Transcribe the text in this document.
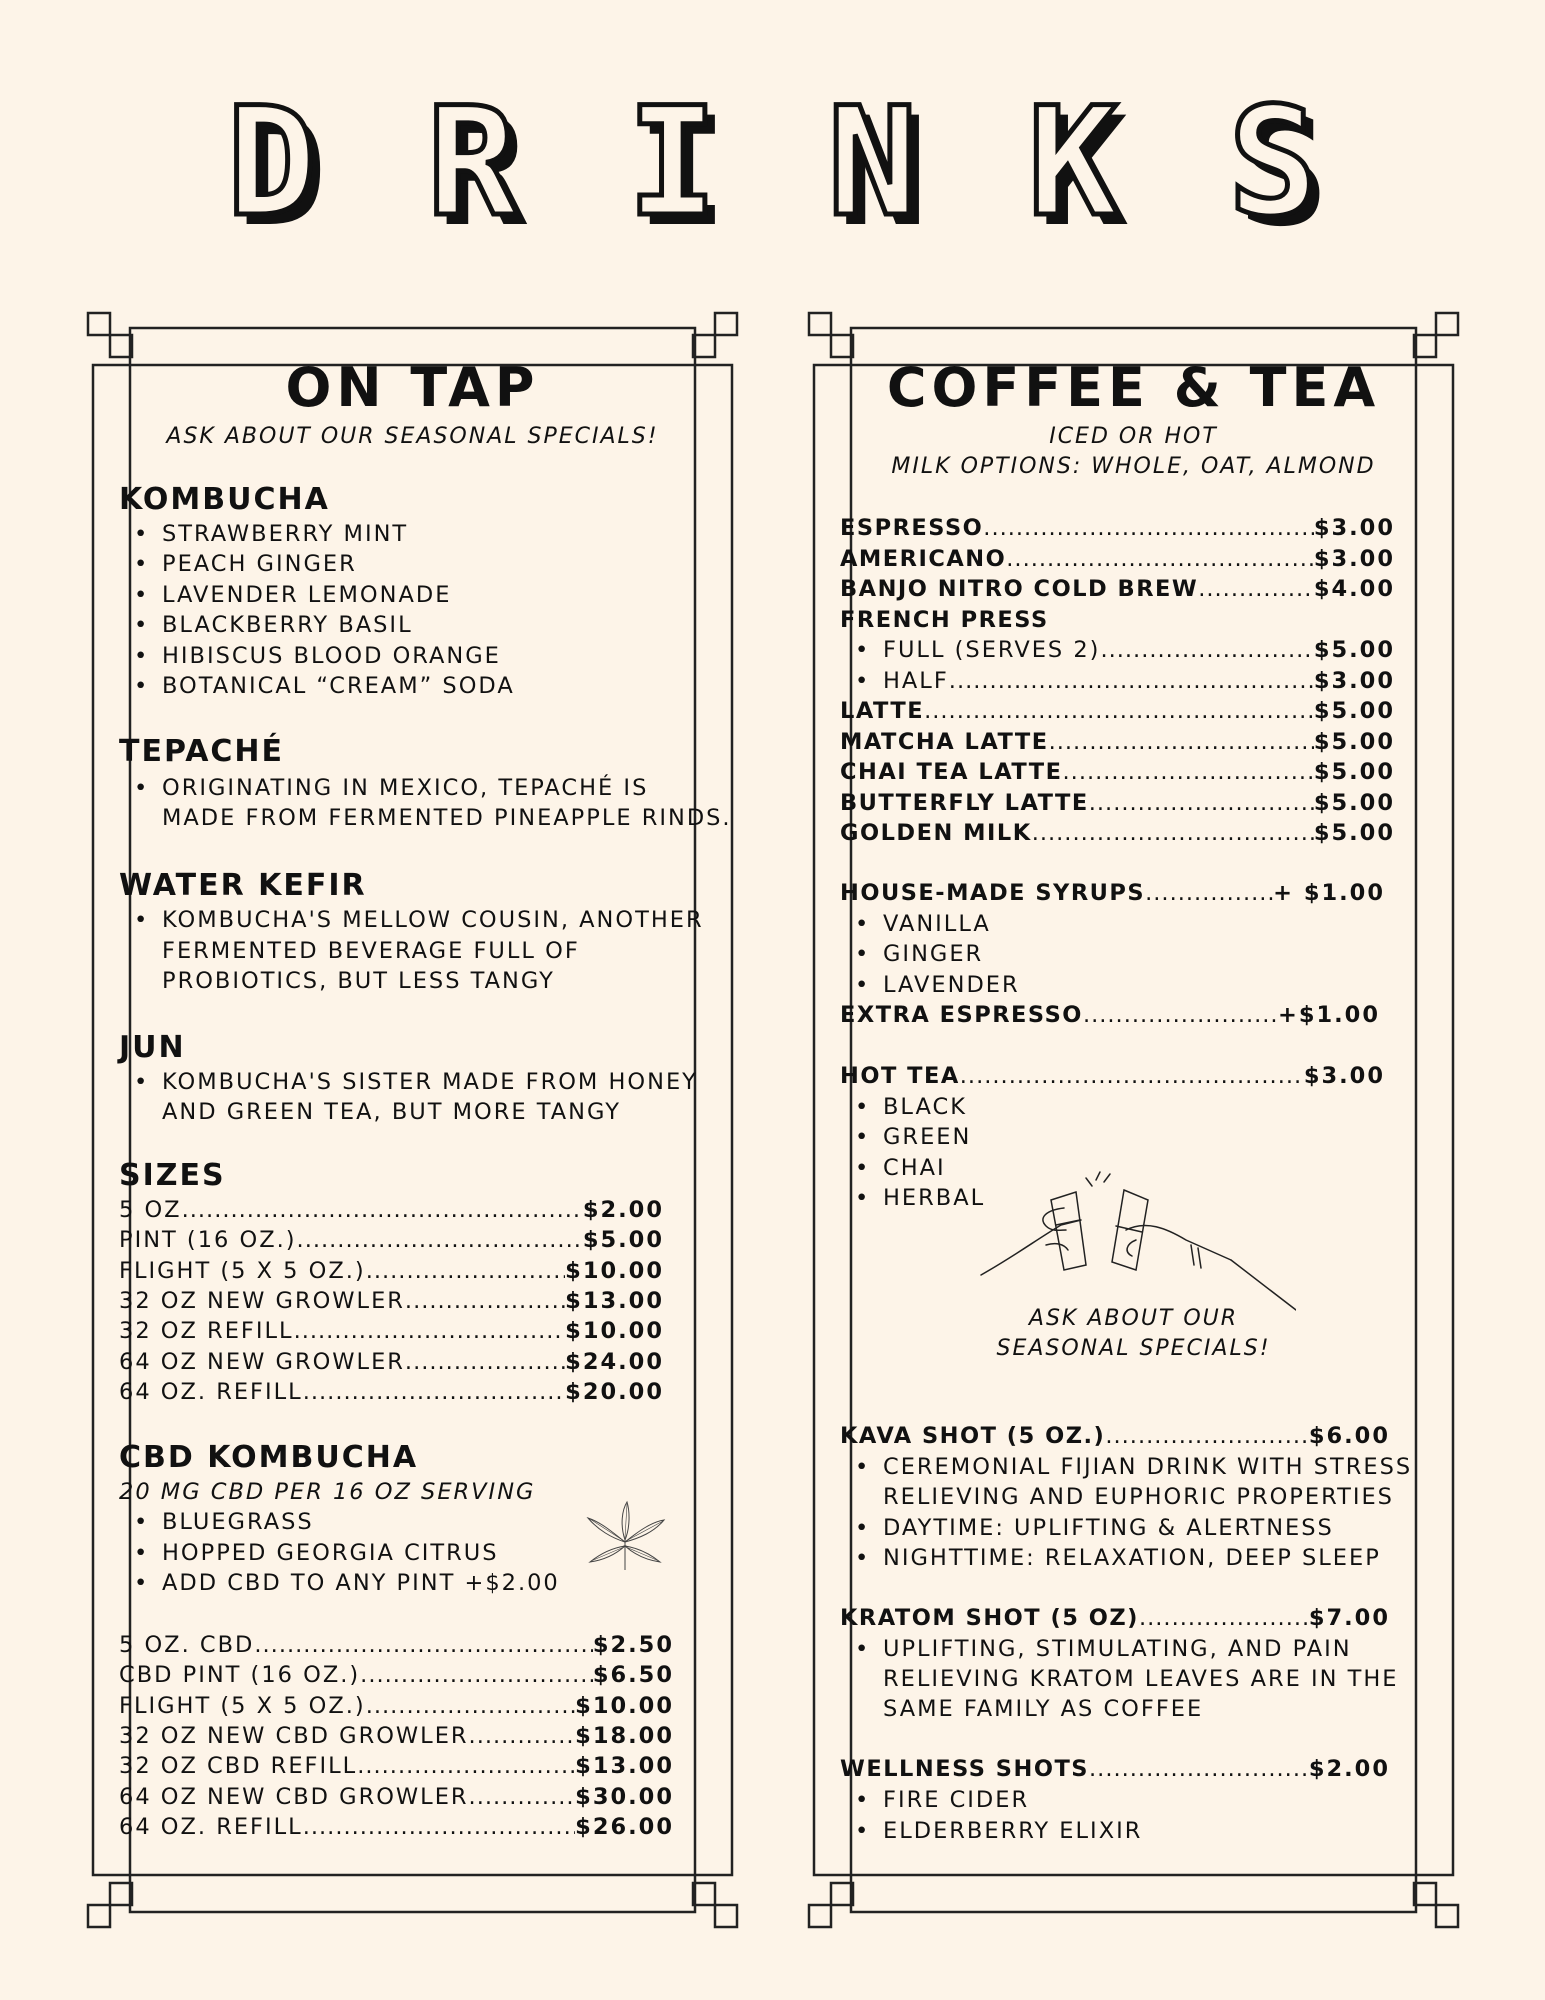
DRINKS
ON TAP
ASK ABOUT OUR SEASONAL SPECIALS!
KOMBUCHA
• STRAWBERRY MINT
• PEACH GINGER
• LAVENDER LEMONADE
• BLACKBERRY BASIL
• HIBISCUS BLOOD ORANGE
• BOTANICAL “CREAM” SODA
TEPACHÉ
• ORIGINATING IN MEXICO, TEPACHÉ IS
MADE FROM FERMENTED PINEAPPLE RINDS.
WATER KEFIR
• KOMBUCHA'S MELLOW COUSIN, ANOTHER
FERMENTED BEVERAGE FULL OF
PROBIOTICS, BUT LESS TANGY
JUN
• KOMBUCHA'S SISTER MADE FROM HONEY
AND GREEN TEA, BUT MORE TANGY
SIZES
5 OZ .....	$2.00
PINT (16 OZ.) .....	$5.00
FLIGHT (5 X 5 OZ.) .....	$10.00
32 OZ NEW GROWLER .....	$13.00
32 OZ REFILL .....	$10.00
64 OZ NEW GROWLER .....	$24.00
64 OZ. REFILL .....	$20.00
CBD KOMBUCHA
20 MG CBD PER 16 OZ SERVING
• BLUEGRASS
• HOPPED GEORGIA CITRUS
• ADD CBD TO ANY PINT +$2.00
5 OZ. CBD .....	$2.50
CBD PINT (16 OZ.) .....	$6.50
FLIGHT (5 X 5 OZ.) .....	$10.00
32 OZ NEW CBD GROWLER .....	$18.00
32 OZ CBD REFILL .....	$13.00
64 OZ NEW CBD GROWLER .....	$30.00
64 OZ. REFILL .....	$26.00
COFFEE & TEA
ICED OR HOT
MILK OPTIONS: WHOLE, OAT, ALMOND
ESPRESSO .....	$3.00
AMERICANO .....	$3.00
BANJO NITRO COLD BREW .....	$4.00
FRENCH PRESS
• FULL (SERVES 2) .....	$5.00
• HALF .....	$3.00
LATTE .....	$5.00
MATCHA LATTE .....	$5.00
CHAI TEA LATTE .....	$5.00
BUTTERFLY LATTE .....	$5.00
GOLDEN MILK .....	$5.00
HOUSE-MADE SYRUPS .....	+ $1.00
• VANILLA
• GINGER
• LAVENDER
EXTRA ESPRESSO .....	+$1.00
HOT TEA .....	$3.00
• BLACK
• GREEN
• CHAI
• HERBAL
ASK ABOUT OUR
SEASONAL SPECIALS!
KAVA SHOT (5 OZ.) .....	$6.00
• CEREMONIAL FIJIAN DRINK WITH STRESS
RELIEVING AND EUPHORIC PROPERTIES
• DAYTIME: UPLIFTING & ALERTNESS
• NIGHTTIME: RELAXATION, DEEP SLEEP
KRATOM SHOT (5 OZ) .....	$7.00
• UPLIFTING, STIMULATING, AND PAIN
RELIEVING KRATOM LEAVES ARE IN THE
SAME FAMILY AS COFFEE
WELLNESS SHOTS .....	$2.00
• FIRE CIDER
• ELDERBERRY ELIXIR
